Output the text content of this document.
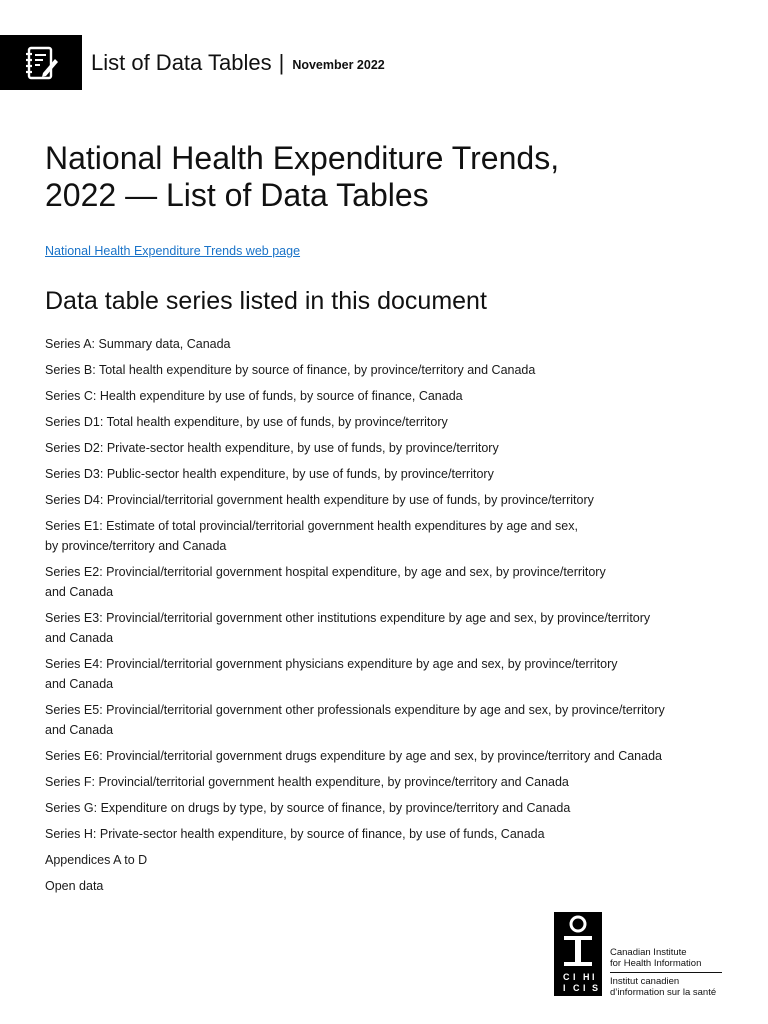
List of Data Tables | November 2022
National Health Expenditure Trends,
2022 — List of Data Tables
National Health Expenditure Trends web page
Data table series listed in this document
Series A: Summary data, Canada
Series B: Total health expenditure by source of finance, by province/territory and Canada
Series C: Health expenditure by use of funds, by source of finance, Canada
Series D1: Total health expenditure, by use of funds, by province/territory
Series D2: Private-sector health expenditure, by use of funds, by province/territory
Series D3: Public-sector health expenditure, by use of funds, by province/territory
Series D4: Provincial/territorial government health expenditure by use of funds, by province/territory
Series E1: Estimate of total provincial/territorial government health expenditures by age and sex,
by province/territory and Canada
Series E2: Provincial/territorial government hospital expenditure, by age and sex, by province/territory
and Canada
Series E3: Provincial/territorial government other institutions expenditure by age and sex, by province/territory
and Canada
Series E4: Provincial/territorial government physicians expenditure by age and sex, by province/territory
and Canada
Series E5: Provincial/territorial government other professionals expenditure by age and sex, by province/territory
and Canada
Series E6: Provincial/territorial government drugs expenditure by age and sex, by province/territory and Canada
Series F: Provincial/territorial government health expenditure, by province/territory and Canada
Series G: Expenditure on drugs by type, by source of finance, by province/territory and Canada
Series H: Private-sector health expenditure, by source of finance, by use of funds, Canada
Appendices A to D
Open data
C I H I
I C I S
Canadian Institute
for Health Information
Institut canadien
d’information sur la santé
